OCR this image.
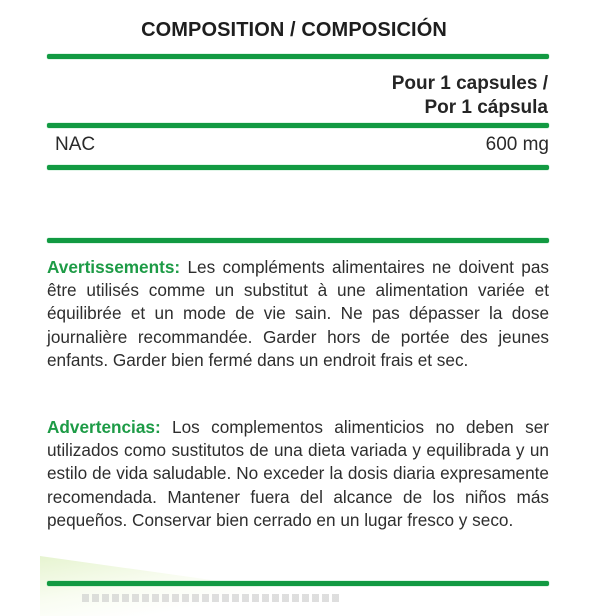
COMPOSITION / COMPOSICIÓN
Pour 1 capsules /
Por 1 cápsula
NAC	600 mg
Avertissements: Les compléments alimentaires ne doivent pas être utilisés comme un substitut à une alimentation variée et équilibrée et un mode de vie sain. Ne pas dépasser la dose journalière recommandée. Garder hors de portée des jeunes enfants. Garder bien fermé dans un endroit frais et sec.
Advertencias: Los complementos alimenticios no deben ser utilizados como sustitutos de una dieta variada y equilibrada y un estilo de vida saludable. No exceder la dosis diaria expresamente recomendada. Mantener fuera del alcance de los niños más pequeños. Conservar bien cerrado en un lugar fresco y seco.
